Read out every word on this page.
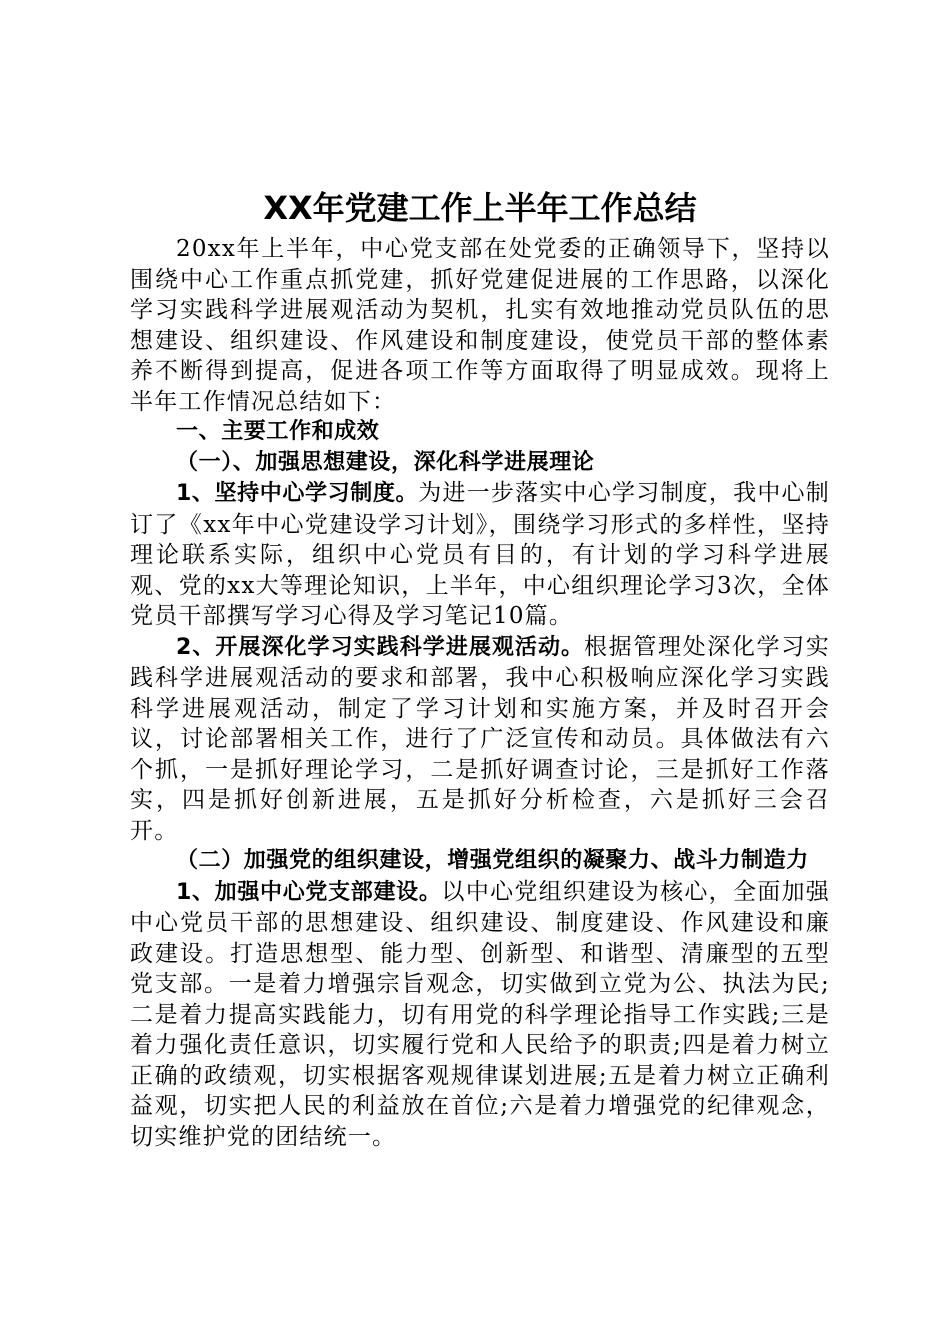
XX年党建工作上半年工作总结

20xx年上半年，中心党支部在处党委的正确领导下，坚持以围绕中心工作重点抓党建，抓好党建促进展的工作思路，以深化学习实践科学进展观活动为契机，扎实有效地推动党员队伍的思想建设、组织建设、作风建设和制度建设，使党员干部的整体素养不断得到提高，促进各项工作等方面取得了明显成效。现将上半年工作情况总结如下：

一、主要工作和成效

（一）、加强思想建设，深化科学进展理论

1、坚持中心学习制度。为进一步落实中心学习制度，我中心制订了《xx年中心党建设学习计划》，围绕学习形式的多样性，坚持理论联系实际，组织中心党员有目的，有计划的学习科学进展观、党的xx大等理论知识，上半年，中心组织理论学习3次，全体党员干部撰写学习心得及学习笔记10篇。

2、开展深化学习实践科学进展观活动。根据管理处深化学习实践科学进展观活动的要求和部署，我中心积极响应深化学习实践科学进展观活动，制定了学习计划和实施方案，并及时召开会议，讨论部署相关工作，进行了广泛宣传和动员。具体做法有六个抓，一是抓好理论学习，二是抓好调查讨论，三是抓好工作落实，四是抓好创新进展，五是抓好分析检查，六是抓好三会召开。

（二）加强党的组织建设，增强党组织的凝聚力、战斗力制造力

1、加强中心党支部建设。以中心党组织建设为核心，全面加强中心党员干部的思想建设、组织建设、制度建设、作风建设和廉政建设。打造思想型、能力型、创新型、和谐型、清廉型的五型党支部。一是着力增强宗旨观念，切实做到立党为公、执法为民;二是着力提高实践能力，切有用党的科学理论指导工作实践;三是着力强化责任意识，切实履行党和人民给予的职责;四是着力树立正确的政绩观，切实根据客观规律谋划进展;五是着力树立正确利益观，切实把人民的利益放在首位;六是着力增强党的纪律观念，切实维护党的团结统一。
